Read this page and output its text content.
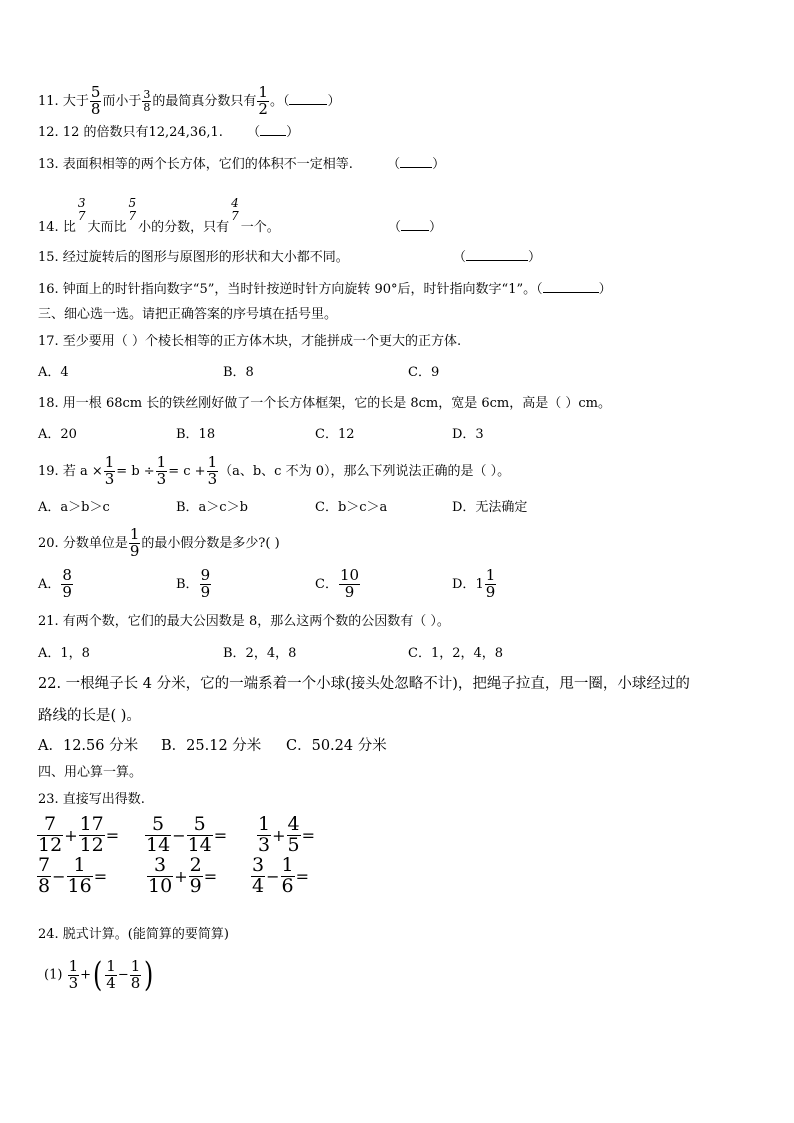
11. 大于 $\frac{5}{8}$ 而小于 $\frac{3}{8}$ 的最简真分数只有 $\frac{1}{2}$ 。（	）
12. 12 的倍数只有12,24,36,1. （ ）
13. 表面积相等的两个长方体，它们的体积不一定相等.	（ ）
14. 比
3
7
大而比
5
7
小的分数，只有
4
7
一个。	（ ）
15. 经过旋转后的图形与原图形的形状和大小都不同。	（	）
16. 钟面上的时针指向数字“5”，当时针按逆时针方向旋转 90°后，时针指向数字“1”。（	）
三、细心选一选。请把正确答案的序号填在括号里。
17. 至少要用（ ）个棱长相等的正方体木块，才能拼成一个更大的正方体.
A．4	B．8	C．9
18. 用一根 68cm 长的铁丝刚好做了一个长方体框架，它的长是 8cm，宽是 6cm，高是（ ）cm。
A．20	B．18	C．12	D．3
19. 若 $a \times \frac{1}{3} = b \div \frac{1}{3} = c + \frac{1}{3} (a$、b、c 不为 0），那么下列说法正确的是（ ）。
A．a＞b＞c	B．a＞c＞b	C．b＞c＞a	D．无法确定
20. 分数单位是 $\frac{1}{9}$ 的最小假分数是多少?( )
A． $\frac{8}{9}$	B． $\frac{9}{9}$	C． $\frac{10}{9}$	D．$1 \frac{1}{9}$
21. 有两个数，它们的最大公因数是 8，那么这两个数的公因数有（ ）。
A．1，8	B．2，4，8	C．1，2，4，8
22. 一根绳子长 4 分米，它的一端系着一个小球(接头处忽略不计)，把绳子拉直，甩一圈，小球经过的
路线的长是( )。
A．12.56 分米 B．25.12 分米 C．50.24 分米
四、用心算一算。
23. 直接写出得数.
$\frac{7}{12} + \frac{17}{12} = \frac{5}{14} - \frac{5}{14} = \frac{1}{3} + \frac{4}{5}$ =
$\frac{7}{8} - \frac{1}{16} = \frac{3}{10} + \frac{2}{9} = \frac{3}{4} - \frac{1}{6}$ =
24. 脱式计算。(能简算的要简算)
$(1) \frac{1}{3}$ +( $\frac{1}{4} - \frac{1}{8}$ )
